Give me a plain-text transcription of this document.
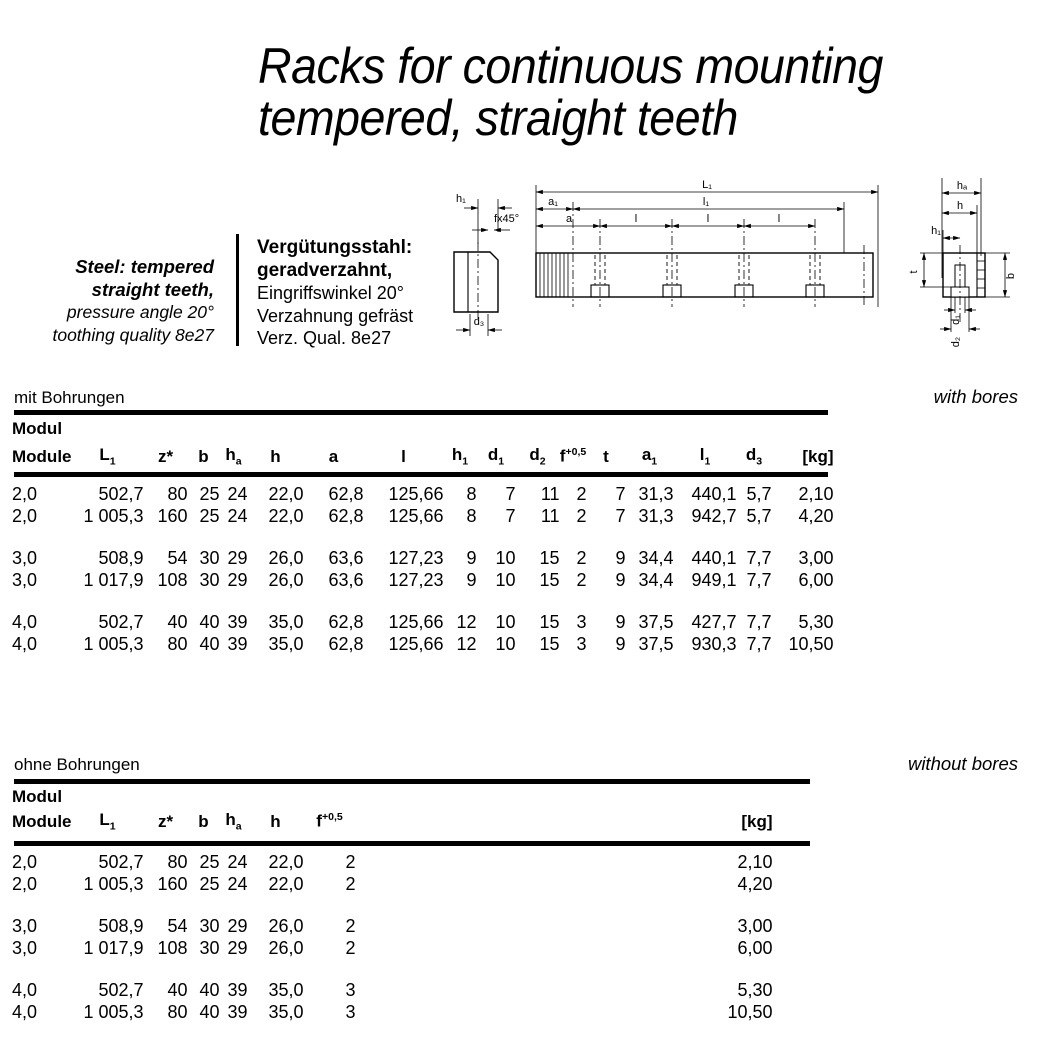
Racks for continuous mounting
tempered, straight teeth
Steel: tempered
straight teeth,
pressure angle 20°
toothing quality 8e27
Vergütungsstahl:
geradverzahnt,
Eingriffswinkel 20°
Verzahnung gefräst
Verz. Qual. 8e27
h₁
fx45°
d₃
L₁
a₁	l₁
a	l	l	l
hₐ
h
h₁
t
b
d₁
d₂
mit Bohrungen	with bores
Modul
Module	$L_1$	z*	b	$h_a$	h	a	l	$h_1$	$d_1$	$d_2$	$f^{+0,5}$	t	$a_1$	$l_1$	$d_3$	[kg]

2,0	502,7	80	25	24	22,0	62,8	125,66	8	7	11	2	7	31,3	440,1	5,7	2,10
2,0	1 005,3	160	25	24	22,0	62,8	125,66	8	7	11	2	7	31,3	942,7	5,7	4,20

3,0	508,9	54	30	29	26,0	63,6	127,23	9	10	15	2	9	34,4	440,1	7,7	3,00
3,0	1 017,9	108	30	29	26,0	63,6	127,23	9	10	15	2	9	34,4	949,1	7,7	6,00

4,0	502,7	40	40	39	35,0	62,8	125,66	12	10	15	3	9	37,5	427,7	7,7	5,30
4,0	1 005,3	80	40	39	35,0	62,8	125,66	12	10	15	3	9	37,5	930,3	7,7	10,50
ohne Bohrungen	without bores
Modul
Module	$L_1$	z*	b	$h_a$	h	$f^{+0,5}$	[kg]

2,0	502,7	80	25	24	22,0	2	2,10
2,0	1 005,3	160	25	24	22,0	2	4,20

3,0	508,9	54	30	29	26,0	2	3,00
3,0	1 017,9	108	30	29	26,0	2	6,00

4,0	502,7	40	40	39	35,0	3	5,30
4,0	1 005,3	80	40	39	35,0	3	10,50
